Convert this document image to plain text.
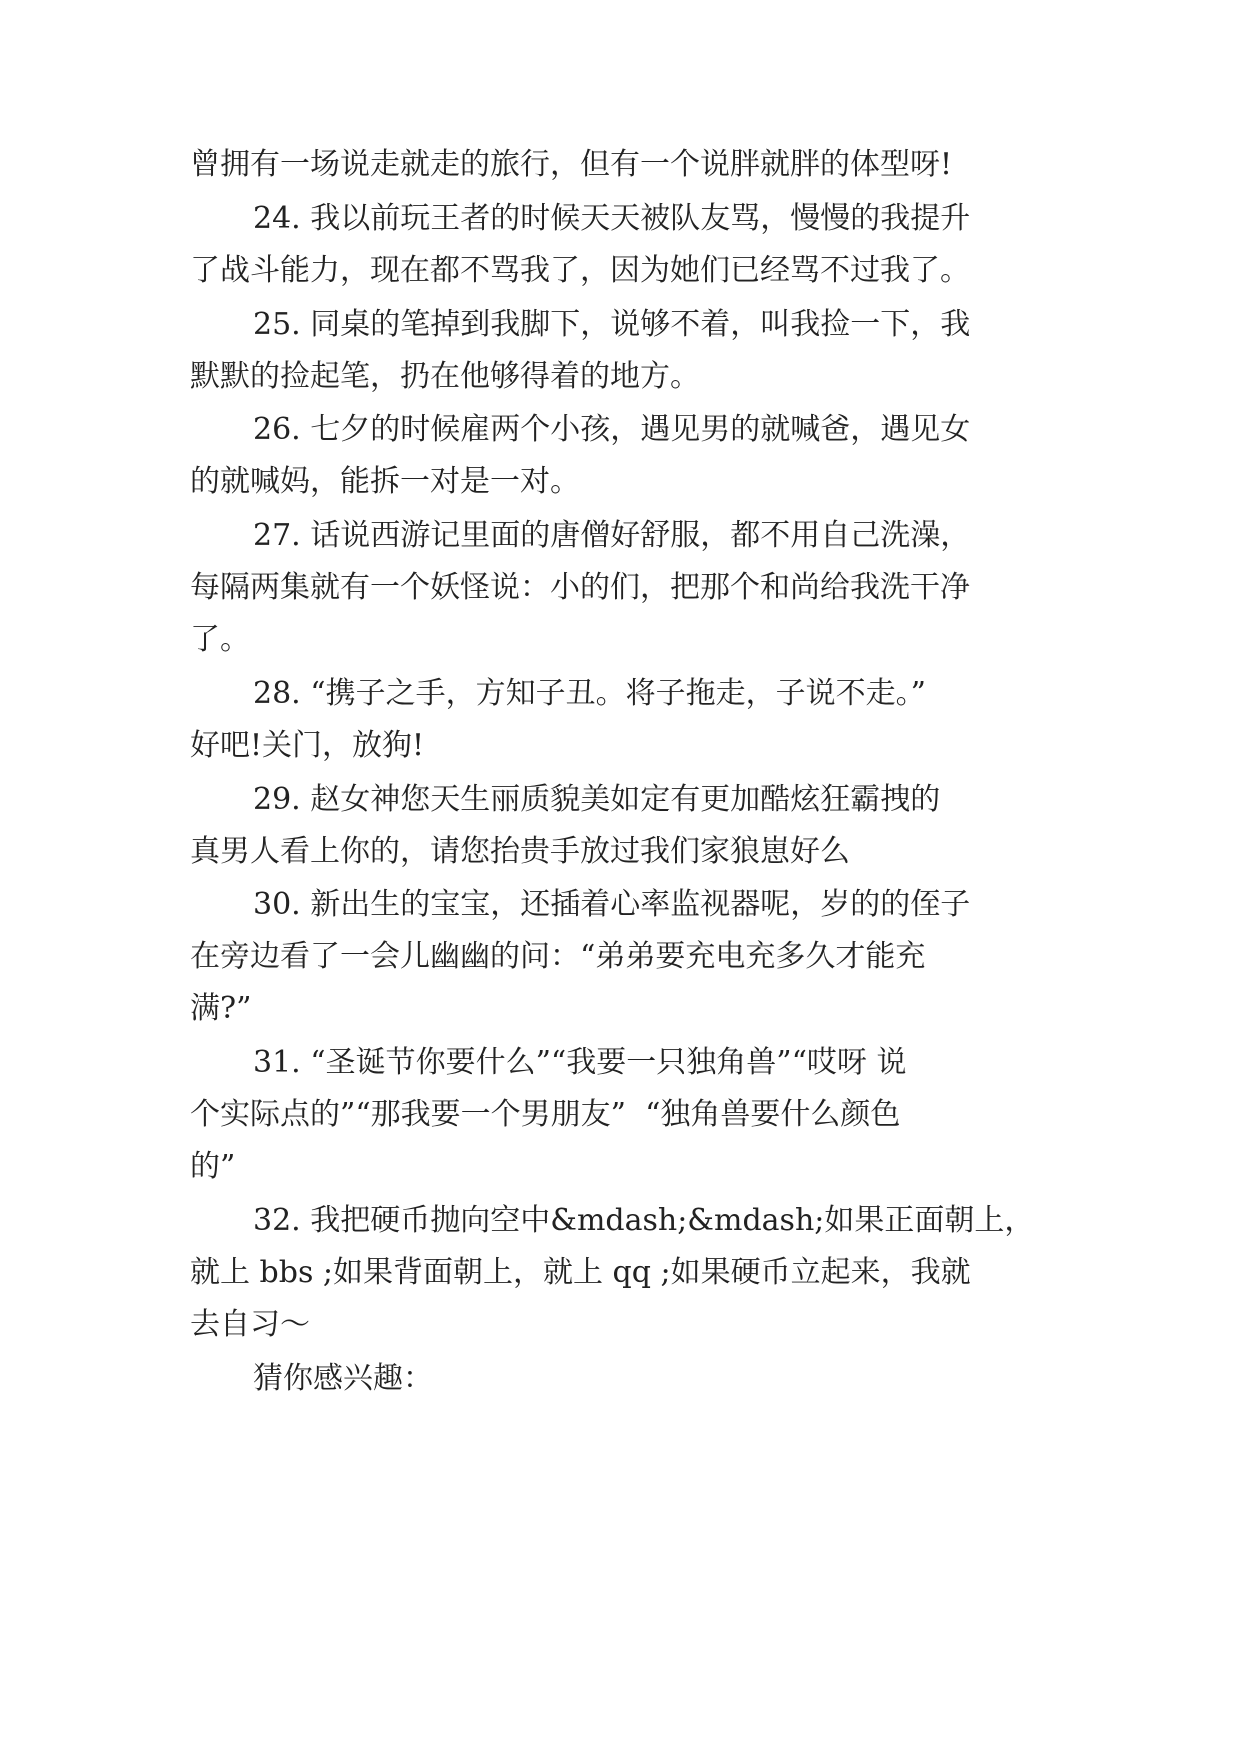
曾拥有一场说走就走的旅行，但有一个说胖就胖的体型呀!

24. 我以前玩王者的时候天天被队友骂，慢慢的我提升

了战斗能力，现在都不骂我了，因为她们已经骂不过我了。

25. 同桌的笔掉到我脚下，说够不着，叫我捡一下，我

默默的捡起笔，扔在他够得着的地方。

26. 七夕的时候雇两个小孩，遇见男的就喊爸，遇见女

的就喊妈，能拆一对是一对。

27. 话说西游记里面的唐僧好舒服，都不用自己洗澡，

每隔两集就有一个妖怪说：小的们，把那个和尚给我洗干净

了。

28. “携子之手，方知子丑。将子拖走，子说不走。”

好吧!关门，放狗!

29. 赵女神您天生丽质貌美如定有更加酷炫狂霸拽的

真男人看上你的，请您抬贵手放过我们家狼崽好么

30. 新出生的宝宝，还插着心率监视器呢，岁的的侄子

在旁边看了一会儿幽幽的问：“弟弟要充电充多久才能充

满?”

31. “圣诞节你要什么”“我要一只独角兽”“哎呀 说

个实际点的”“那我要一个男朋友”  “独角兽要什么颜色

的”

32. 我把硬币抛向空中&mdash;&mdash;如果正面朝上，

就上 bbs ;如果背面朝上，就上 qq ;如果硬币立起来，我就

去自习～

猜你感兴趣：
